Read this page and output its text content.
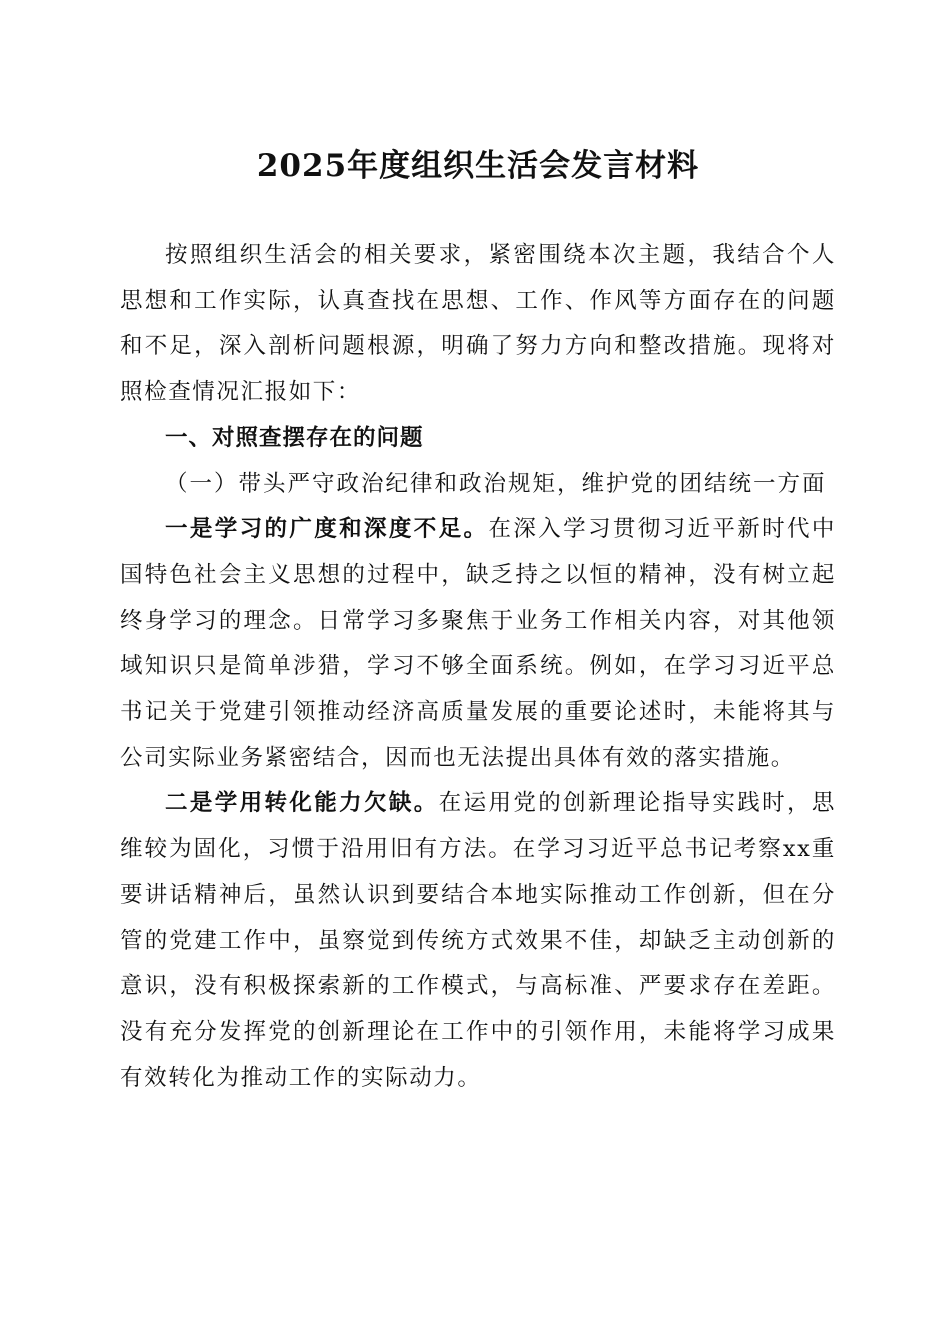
2025年度组织生活会发言材料

按照组织生活会的相关要求，紧密围绕本次主题，我结合个人思想和工作实际，认真查找在思想、工作、作风等方面存在的问题和不足，深入剖析问题根源，明确了努力方向和整改措施。现将对照检查情况汇报如下：

一、对照查摆存在的问题

（一）带头严守政治纪律和政治规矩，维护党的团结统一方面

一是学习的广度和深度不足。在深入学习贯彻习近平新时代中国特色社会主义思想的过程中，缺乏持之以恒的精神，没有树立起终身学习的理念。日常学习多聚焦于业务工作相关内容，对其他领域知识只是简单涉猎，学习不够全面系统。例如，在学习习近平总书记关于党建引领推动经济高质量发展的重要论述时，未能将其与公司实际业务紧密结合，因而也无法提出具体有效的落实措施。

二是学用转化能力欠缺。在运用党的创新理论指导实践时，思维较为固化，习惯于沿用旧有方法。在学习习近平总书记考察xx重要讲话精神后，虽然认识到要结合本地实际推动工作创新，但在分管的党建工作中，虽察觉到传统方式效果不佳，却缺乏主动创新的意识，没有积极探索新的工作模式，与高标准、严要求存在差距。没有充分发挥党的创新理论在工作中的引领作用，未能将学习成果有效转化为推动工作的实际动力。
